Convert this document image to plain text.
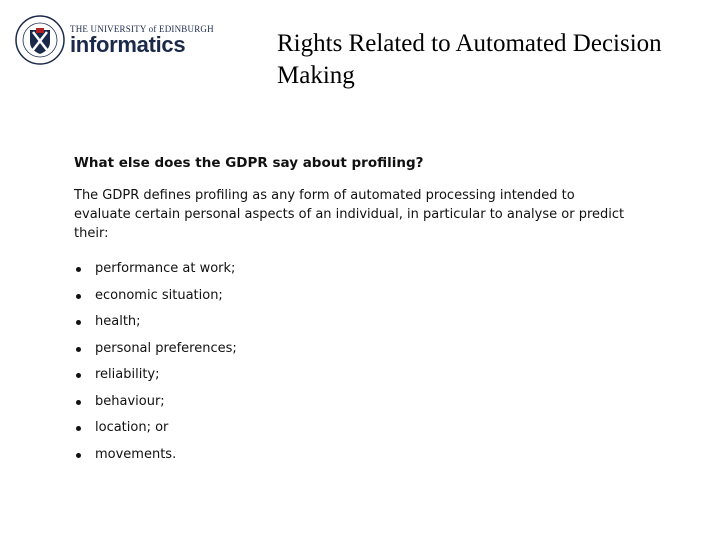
THE UNIVERSITY of EDINBURGH
informatics	Rights Related to Automated Decision Making
What else does the GDPR say about profiling?
The GDPR defines profiling as any form of automated processing intended to evaluate certain personal aspects of an individual, in particular to analyse or predict their:
performance at work;
economic situation;
health;
personal preferences;
reliability;
behaviour;
location; or
movements.
